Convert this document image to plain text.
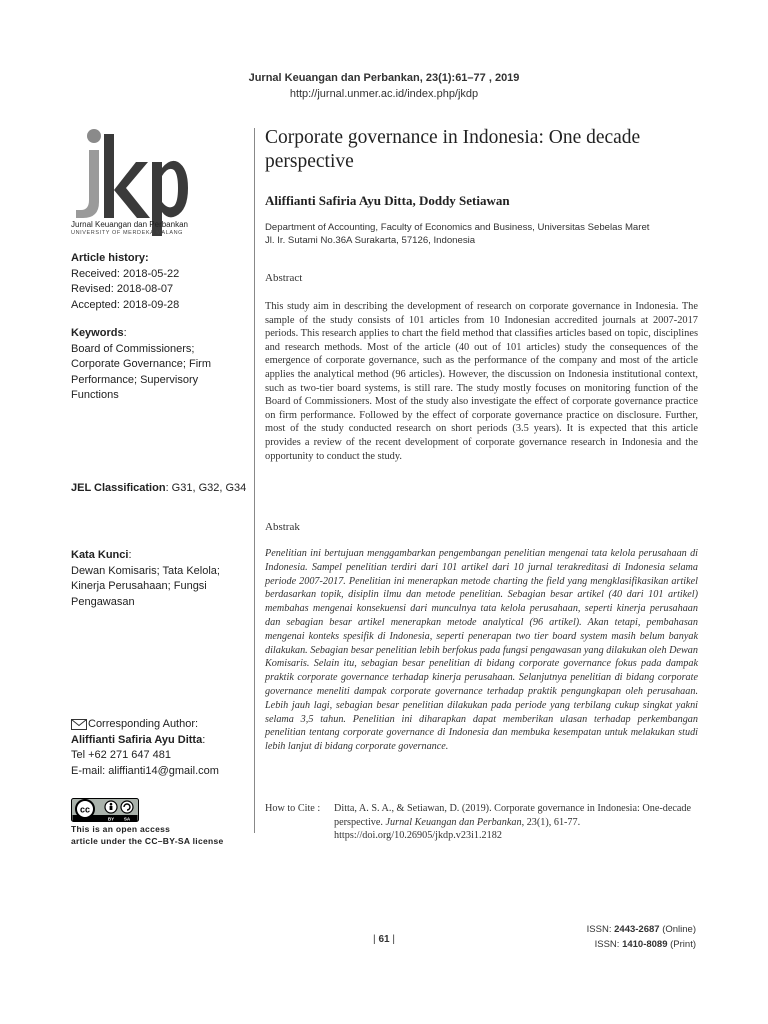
Jurnal Keuangan dan Perbankan, 23(1):61–77 , 2019
http://jurnal.unmer.ac.id/index.php/jkdp
Jurnal Keuangan dan Perbankan
UNIVERSITY OF MERDEKA MALANG
Article history:
Received: 2018-05-22
Revised: 2018-08-07
Accepted: 2018-09-28
Keywords:
Board of Commissioners;
Corporate Governance; Firm
Performance; Supervisory
Functions
JEL Classification: G31, G32, G34
Kata Kunci:
Dewan Komisaris; Tata Kelola;
Kinerja Perusahaan; Fungsi
Pengawasan
Corresponding Author:
Aliffianti Safiria Ayu Ditta:
Tel +62 271 647 481
E-mail: aliffianti14@gmail.com
cc
BY SA
This is an open access
article under the CC–BY-SA license
Corporate governance in Indonesia: One decade perspective
Aliffianti Safiria Ayu Ditta, Doddy Setiawan
Department of Accounting, Faculty of Economics and Business, Universitas Sebelas Maret
Jl. Ir. Sutami No.36A Surakarta, 57126, Indonesia
Abstract
This study aim in describing the development of research on corporate governance in Indonesia. The sample of the study consists of 101 articles from 10 Indonesian accredited journals at 2007-2017 periods. This research applies to chart the field method that classifies articles based on topic, disciplines and research methods. Most of the article (40 out of 101 articles) study the consequences of the emergence of corporate governance, such as the performance of the company and most of the article applies the analytical method (96 articles). However, the discussion on Indonesia institutional context, such as two-tier board systems, is still rare. The study mostly focuses on monitoring function of the Board of Commissioners. Most of the study also investigate the effect of corporate governance practice on firm performance. Followed by the effect of corporate governance practice on disclosure. Further, most of the study conducted research on short periods (3.5 years). It is expected that this article provides a review of the recent development of corporate governance research in Indonesia and the opportunity to conduct the study.
Abstrak
Penelitian ini bertujuan menggambarkan pengembangan penelitian mengenai tata kelola perusahaan di Indonesia. Sampel penelitian terdiri dari 101 artikel dari 10 jurnal terakreditasi di Indonesia selama periode 2007-2017. Penelitian ini menerapkan metode charting the field yang mengklasifikasikan artikel berdasarkan topik, disiplin ilmu dan metode penelitian. Sebagian besar artikel (40 dari 101 artikel) membahas mengenai konsekuensi dari munculnya tata kelola perusahaan, seperti kinerja perusahaan dan sebagian besar artikel menerapkan metode analytical (96 artikel). Akan tetapi, pembahasan mengenai konteks spesifik di Indonesia, seperti penerapan two tier board system masih belum banyak dilakukan. Sebagian besar penelitian lebih berfokus pada fungsi pengawasan yang dilakukan oleh Dewan Komisaris. Selain itu, sebagian besar penelitian di bidang corporate governance fokus pada dampak praktik corporate governance terhadap kinerja perusahaan. Selanjutnya penelitian di bidang corporate governance meneliti dampak corporate governance terhadap praktik pengungkapan oleh perusahaan. Lebih jauh lagi, sebagian besar penelitian dilakukan pada periode yang terbilang cukup singkat yakni selama 3,5 tahun. Penelitian ini diharapkan dapat memberikan ulasan terhadap perkembangan penelitian tentang corporate governance di Indonesia dan membuka kesempatan untuk melakukan studi lebih lanjut di bidang corporate governance.
How to Cite : Ditta, A. S. A., & Setiawan, D. (2019). Corporate governance in Indonesia: One-decade perspective. Jurnal Keuangan dan Perbankan, 23(1), 61-77. https://doi.org/10.26905/jkdp.v23i1.2182
| 61 |
ISSN: 2443-2687 (Online)
ISSN: 1410-8089 (Print)
